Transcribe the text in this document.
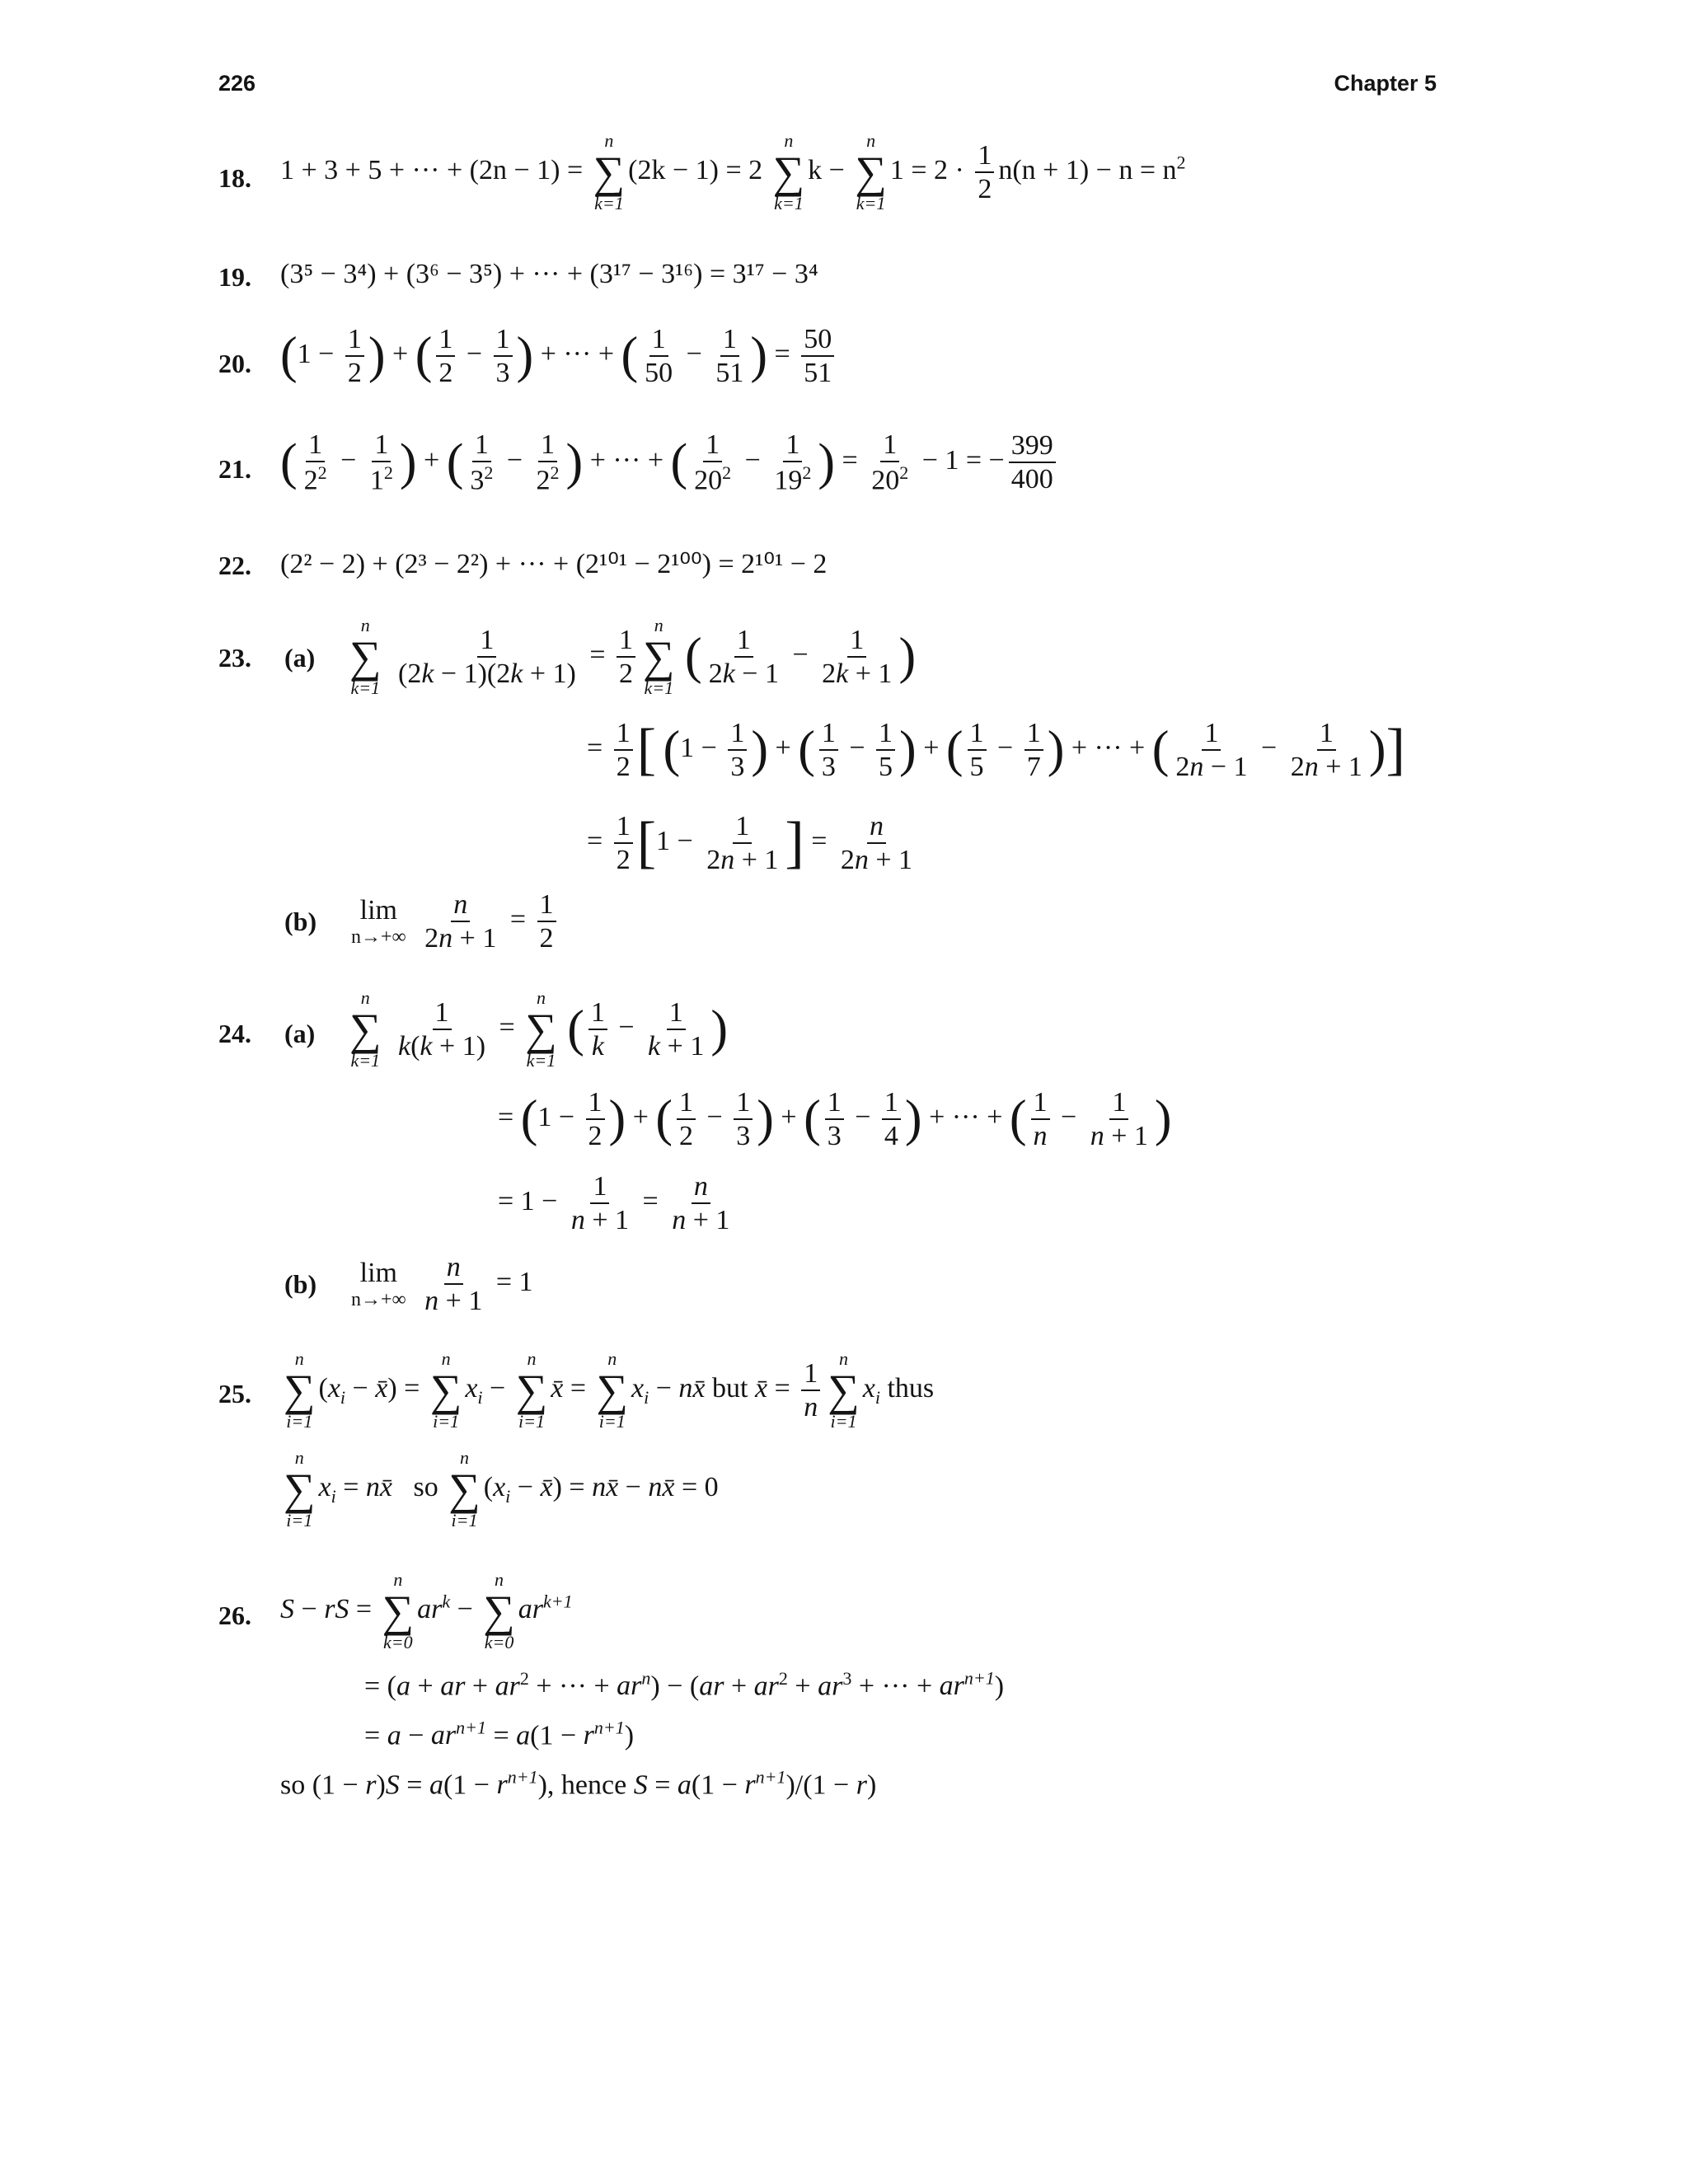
226	Chapter 5
18. 1 + 3 + 5 + ··· + (2n − 1) =
n
∑
k=1
(2k − 1) = 2
n
∑
k=1
k −
n
∑
k=1
$1 = 2 \cdot \frac{1}{2} n(n + 1) - n = n^2$
19. (3⁵ − 3⁴) + (3⁶ − 3⁵) + ··· + (3¹⁷ − 3¹⁶) = 3¹⁷ − 3⁴
20. ($1 - \frac{1}{2}$ ) + ( $\frac{1}{2} - \frac{1}{3}$ ) + ··· + ( $\frac{1}{50} - \frac{1}{51}$ ) = $\frac{50}{51}$
21. ( $\frac{1}{2^2} - \frac{1}{1^2}$ ) + ( $\frac{1}{3^2} - \frac{1}{2^2}$ ) + ··· + ( $\frac{1}{20^2} - \frac{1}{19^2}$ ) = $\frac{1}{20^2} - 1$ = − $\frac{399}{400}$
22. (2² − 2) + (2³ − 2²) + ··· + (2¹⁰¹ − 2¹⁰⁰) = 2¹⁰¹ − 2
23. (a)
n
∑
k=1
$\frac{1}{(2k - 1)(2k + 1)} = \frac{1}{2}$ n
∑
k=1
( $\frac{1}{2k - 1} - \frac{1}{2k + 1}$ )
= $\frac{1}{2}$ [ ($1 - \frac{1}{3}$ ) + ( $\frac{1}{3} - \frac{1}{5}$ ) + ( $\frac{1}{5} - \frac{1}{7}$ ) + ··· + ( $\frac{1}{2n - 1} - \frac{1}{2n + 1}$ )]
= $\frac{1}{2} [1 - \frac{1}{2n + 1}$ ] = $\frac{n}{2n + 1}$
(b) lim
n→+∞
$\frac{n}{2n + 1} = \frac{1}{2}$
24. (a)
n
∑
k=1
$\frac{1}{k(k + 1)}$ =
n
∑
k=1
( $\frac{1}{k} - \frac{1}{k + 1}$ )
= ($1 - \frac{1}{2}$ ) + ( $\frac{1}{2} - \frac{1}{3}$ ) + ( $\frac{1}{3} - \frac{1}{4}$ ) + ··· + ( $\frac{1}{n} - \frac{1}{n + 1}$ )
= $1 - \frac{1}{n + 1} = \frac{n}{n + 1}$
(b) lim
n→+∞
$\frac{n}{n + 1} = 1$
25.
n
∑
i=1
($x_i$ − x̄) =
n
∑
i=1
$x_i$ −
n
∑
i=1
x̄ =
n
∑
i=1
$x_i$ − nx̄ but x̄ = $\frac{1}{n}$ n
∑
i=1
$x_i$ thus
n
∑
i=1
$x_i$ = nx̄ so
n
∑
i=1
($x_i$ − x̄) = nx̄ − nx̄ = 0
26. S − rS =
n
∑
k=0
$ar^k$ −
n
∑
k=0
$ar^{k+1}$
= (a + ar + $ar^2$ + ··· + $ar^n) - (ar + ar^2 + ar^3$ + ··· + $ar^{n+1}$)
= $a - ar^{n+1} = a(1 - r^{n+1})$
so $(1 - r)S = a(1 - r^{n+1})$, hence $S = a(1 - r^{n+1})/(1 - r)$
